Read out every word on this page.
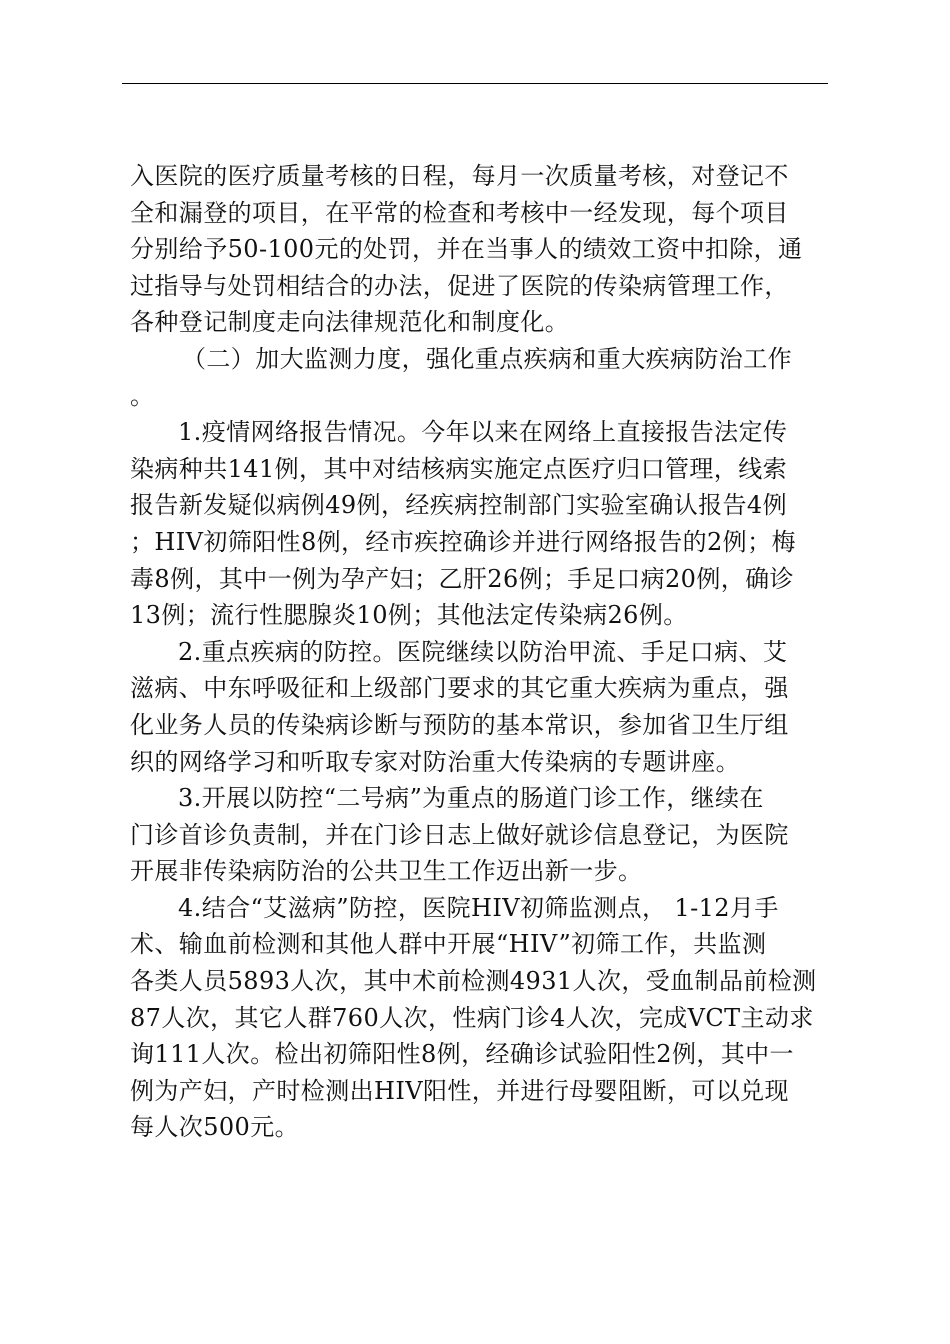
入医院的医疗质量考核的日程，每月一次质量考核，对登记不
全和漏登的项目，在平常的检查和考核中一经发现，每个项目
分别给予50-100元的处罚，并在当事人的绩效工资中扣除，通
过指导与处罚相结合的办法，促进了医院的传染病管理工作，
各种登记制度走向法律规范化和制度化。
（二）加大监测力度，强化重点疾病和重大疾病防治工作
。
1.疫情网络报告情况。今年以来在网络上直接报告法定传
染病种共141例，其中对结核病实施定点医疗归口管理，线索
报告新发疑似病例49例，经疾病控制部门实验室确认报告4例
；HIV初筛阳性8例，经市疾控确诊并进行网络报告的2例；梅
毒8例，其中一例为孕产妇；乙肝26例；手足口病20例，确诊
13例；流行性腮腺炎10例；其他法定传染病26例。
2.重点疾病的防控。医院继续以防治甲流、手足口病、艾
滋病、中东呼吸征和上级部门要求的其它重大疾病为重点，强
化业务人员的传染病诊断与预防的基本常识，参加省卫生厅组
织的网络学习和听取专家对防治重大传染病的专题讲座。
3.开展以防控“二号病”为重点的肠道门诊工作，继续在
门诊首诊负责制，并在门诊日志上做好就诊信息登记，为医院
开展非传染病防治的公共卫生工作迈出新一步。
4.结合“艾滋病”防控，医院HIV初筛监测点， 1-12月手
术、输血前检测和其他人群中开展“HIV”初筛工作，共监测
各类人员5893人次，其中术前检测4931人次，受血制品前检测
87人次，其它人群760人次，性病门诊4人次，完成VCT主动求
询111人次。检出初筛阳性8例，经确诊试验阳性2例，其中一
例为产妇，产时检测出HIV阳性，并进行母婴阻断，可以兑现
每人次500元。
